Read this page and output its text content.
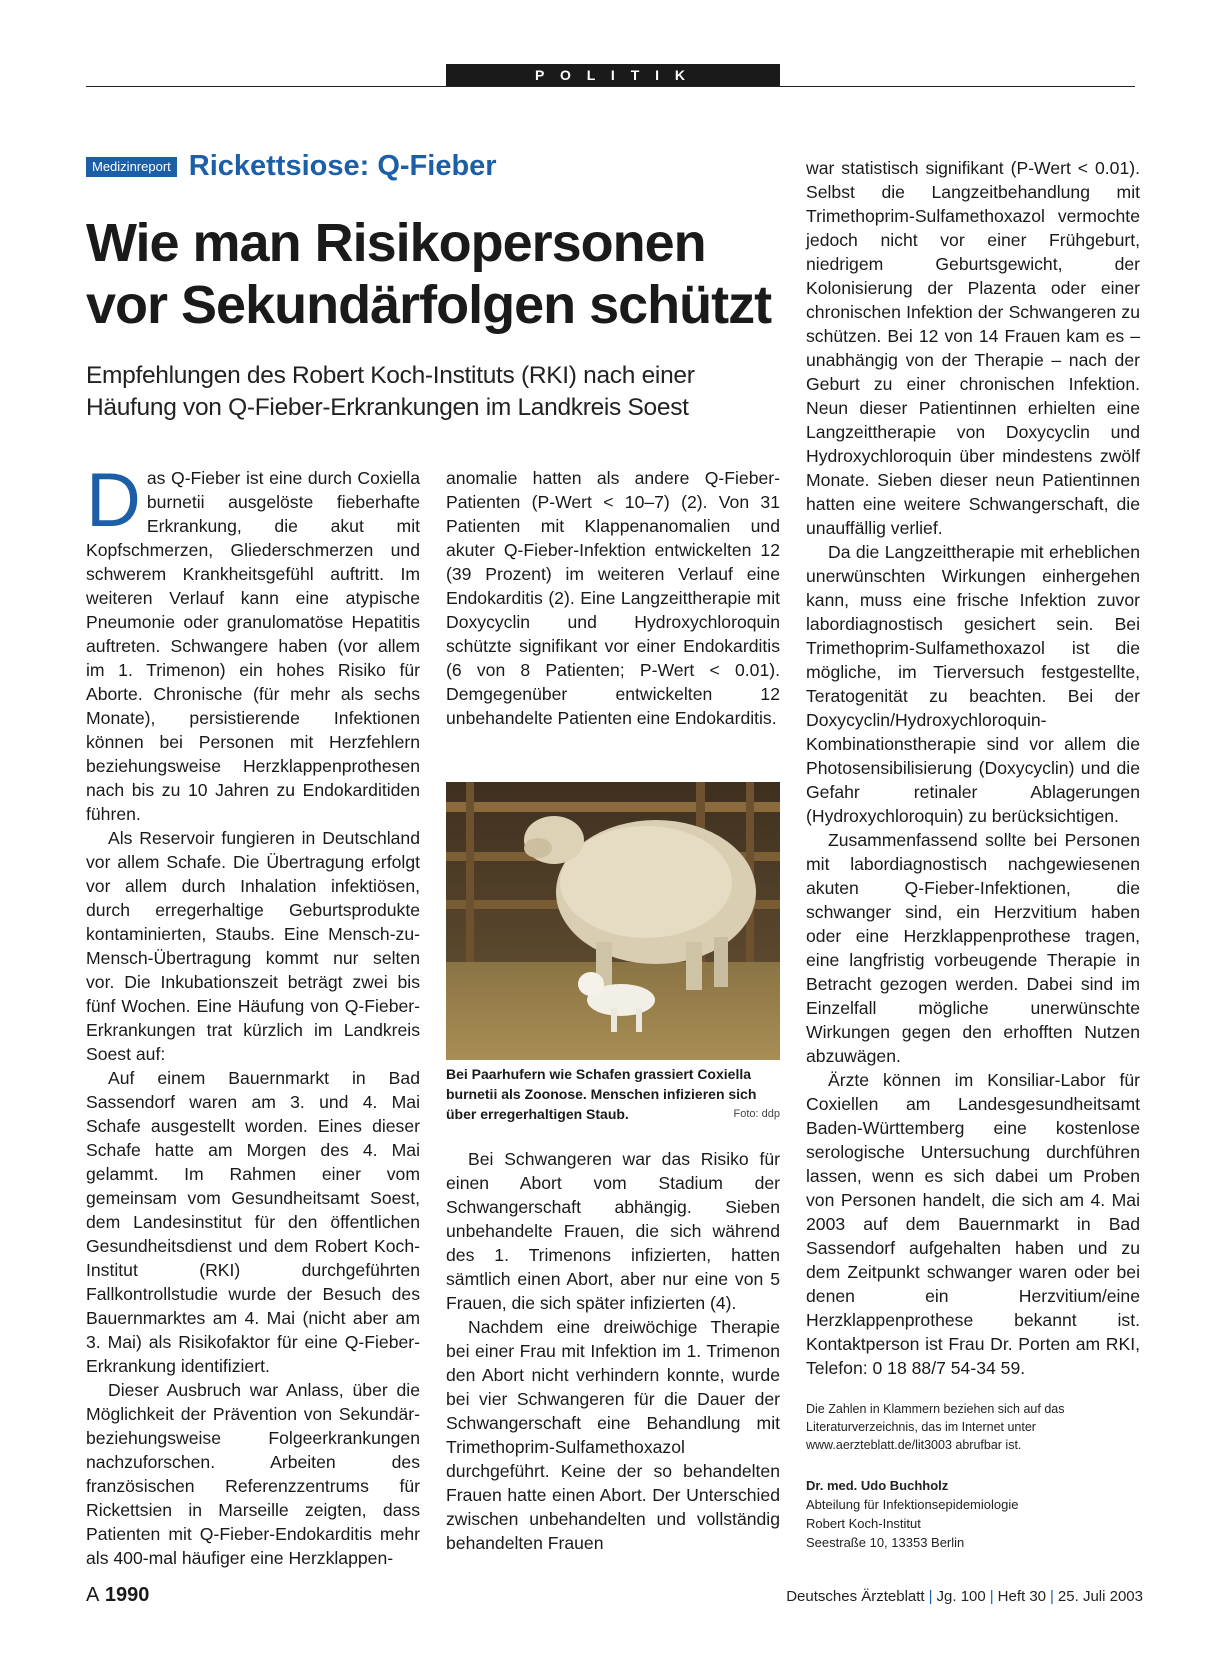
P O L I T I K
Medizinreport Rickettsiose: Q-Fieber
Wie man Risikopersonen
vor Sekundärfolgen schützt

Empfehlungen des Robert Koch-Instituts (RKI) nach einer Häufung von Q-Fieber-Erkrankungen im Landkreis Soest

Das Q-Fieber ist eine durch Coxiella burnetii ausgelöste fieberhafte Erkrankung, die akut mit Kopfschmerzen, Gliederschmerzen und schwerem Krankheitsgefühl auftritt. Im weiteren Verlauf kann eine atypische Pneumonie oder granulomatöse Hepatitis auftreten. Schwangere haben (vor allem im 1. Trimenon) ein hohes Risiko für Aborte. Chronische (für mehr als sechs Monate), persistierende Infektionen können bei Personen mit Herzfehlern beziehungsweise Herzklappenprothesen nach bis zu 10 Jahren zu Endokarditiden führen.

Als Reservoir fungieren in Deutschland vor allem Schafe. Die Übertragung erfolgt vor allem durch Inhalation infektiösen, durch erregerhaltige Geburtsprodukte kontaminierten, Staubs. Eine Mensch-zu-Mensch-Übertragung kommt nur selten vor. Die Inkubationszeit beträgt zwei bis fünf Wochen. Eine Häufung von Q-Fieber-Erkrankungen trat kürzlich im Landkreis Soest auf:

Auf einem Bauernmarkt in Bad Sassendorf waren am 3. und 4. Mai Schafe ausgestellt worden. Eines dieser Schafe hatte am Morgen des 4. Mai gelammt. Im Rahmen einer vom gemeinsam vom Gesundheitsamt Soest, dem Landesinstitut für den öffentlichen Gesundheitsdienst und dem Robert Koch-Institut (RKI) durchgeführten Fallkontrollstudie wurde der Besuch des Bauernmarktes am 4. Mai (nicht aber am 3. Mai) als Risikofaktor für eine Q-Fieber-Erkrankung identifiziert.

Dieser Ausbruch war Anlass, über die Möglichkeit der Prävention von Sekundär- beziehungsweise Folgeerkrankungen nachzuforschen. Arbeiten des französischen Referenzzentrums für Rickettsien in Marseille zeigten, dass Patienten mit Q-Fieber-Endokarditis mehr als 400-mal häufiger eine Herzklappen-

anomalie hatten als andere Q-Fieber-Patienten (P-Wert < 10–7) (2). Von 31 Patienten mit Klappenanomalien und akuter Q-Fieber-Infektion entwickelten 12 (39 Prozent) im weiteren Verlauf eine Endokarditis (2). Eine Langzeittherapie mit Doxycyclin und Hydroxychloroquin schützte signifikant vor einer Endokarditis (6 von 8 Patienten; P-Wert < 0.01). Demgegenüber entwickelten 12 unbehandelte Patienten eine Endokarditis.

Bei Paarhufern wie Schafen grassiert Coxiella burnetii als Zoonose. Menschen infizieren sich über erregerhaltigen Staub.	Foto: ddp

Bei Schwangeren war das Risiko für einen Abort vom Stadium der Schwangerschaft abhängig. Sieben unbehandelte Frauen, die sich während des 1. Trimenons infizierten, hatten sämtlich einen Abort, aber nur eine von 5 Frauen, die sich später infizierten (4).

Nachdem eine dreiwöchige Therapie bei einer Frau mit Infektion im 1. Trimenon den Abort nicht verhindern konnte, wurde bei vier Schwangeren für die Dauer der Schwangerschaft eine Behandlung mit Trimethoprim-Sulfamethoxazol durchgeführt. Keine der so behandelten Frauen hatte einen Abort. Der Unterschied zwischen unbehandelten und vollständig behandelten Frauen

war statistisch signifikant (P-Wert < 0.01). Selbst die Langzeitbehandlung mit Trimethoprim-Sulfamethoxazol vermochte jedoch nicht vor einer Frühgeburt, niedrigem Geburtsgewicht, der Kolonisierung der Plazenta oder einer chronischen Infektion der Schwangeren zu schützen. Bei 12 von 14 Frauen kam es – unabhängig von der Therapie – nach der Geburt zu einer chronischen Infektion. Neun dieser Patientinnen erhielten eine Langzeittherapie von Doxycyclin und Hydroxychloroquin über mindestens zwölf Monate. Sieben dieser neun Patientinnen hatten eine weitere Schwangerschaft, die unauffällig verlief.

Da die Langzeittherapie mit erheblichen unerwünschten Wirkungen einhergehen kann, muss eine frische Infektion zuvor labordiagnostisch gesichert sein. Bei Trimethoprim-Sulfamethoxazol ist die mögliche, im Tierversuch festgestellte, Teratogenität zu beachten. Bei der Doxycyclin/Hydroxychloroquin-Kombinationstherapie sind vor allem die Photosensibilisierung (Doxycyclin) und die Gefahr retinaler Ablagerungen (Hydroxychloroquin) zu berücksichtigen.

Zusammenfassend sollte bei Personen mit labordiagnostisch nachgewiesenen akuten Q-Fieber-Infektionen, die schwanger sind, ein Herzvitium haben oder eine Herzklappenprothese tragen, eine langfristig vorbeugende Therapie in Betracht gezogen werden. Dabei sind im Einzelfall mögliche unerwünschte Wirkungen gegen den erhofften Nutzen abzuwägen.

Ärzte können im Konsiliar-Labor für Coxiellen am Landesgesundheitsamt Baden-Württemberg eine kostenlose serologische Untersuchung durchführen lassen, wenn es sich dabei um Proben von Personen handelt, die sich am 4. Mai 2003 auf dem Bauernmarkt in Bad Sassendorf aufgehalten haben und zu dem Zeitpunkt schwanger waren oder bei denen ein Herzvitium/eine Herzklappenprothese bekannt ist. Kontaktperson ist Frau Dr. Porten am RKI, Telefon: 0 18 88/7 54-34 59.

Die Zahlen in Klammern beziehen sich auf das Literaturverzeichnis, das im Internet unter www.aerzteblatt.de/lit3003 abrufbar ist.
Dr. med. Udo Buchholz
Abteilung für Infektionsepidemiologie
Robert Koch-Institut
Seestraße 10, 13353 Berlin
A 1990	Deutsches Ärzteblatt | Jg. 100 | Heft 30 | 25. Juli 2003
